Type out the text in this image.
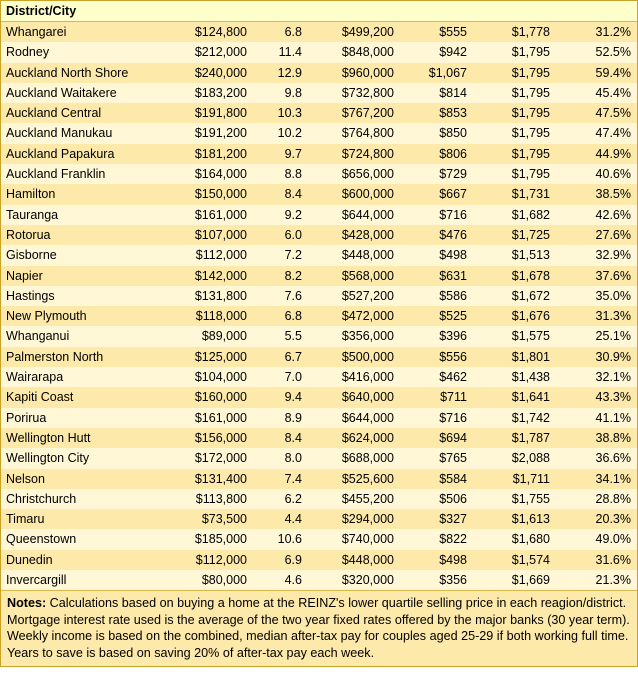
District/City						
Whangarei	$124,800	6.8	$499,200	$555	$1,778	31.2%
Rodney	$212,000	11.4	$848,000	$942	$1,795	52.5%
Auckland North Shore	$240,000	12.9	$960,000	$1,067	$1,795	59.4%
Auckland Waitakere	$183,200	9.8	$732,800	$814	$1,795	45.4%
Auckland Central	$191,800	10.3	$767,200	$853	$1,795	47.5%
Auckland Manukau	$191,200	10.2	$764,800	$850	$1,795	47.4%
Auckland Papakura	$181,200	9.7	$724,800	$806	$1,795	44.9%
Auckland Franklin	$164,000	8.8	$656,000	$729	$1,795	40.6%
Hamilton	$150,000	8.4	$600,000	$667	$1,731	38.5%
Tauranga	$161,000	9.2	$644,000	$716	$1,682	42.6%
Rotorua	$107,000	6.0	$428,000	$476	$1,725	27.6%
Gisborne	$112,000	7.2	$448,000	$498	$1,513	32.9%
Napier	$142,000	8.2	$568,000	$631	$1,678	37.6%
Hastings	$131,800	7.6	$527,200	$586	$1,672	35.0%
New Plymouth	$118,000	6.8	$472,000	$525	$1,676	31.3%
Whanganui	$89,000	5.5	$356,000	$396	$1,575	25.1%
Palmerston North	$125,000	6.7	$500,000	$556	$1,801	30.9%
Wairarapa	$104,000	7.0	$416,000	$462	$1,438	32.1%
Kapiti Coast	$160,000	9.4	$640,000	$711	$1,641	43.3%
Porirua	$161,000	8.9	$644,000	$716	$1,742	41.1%
Wellington Hutt	$156,000	8.4	$624,000	$694	$1,787	38.8%
Wellington City	$172,000	8.0	$688,000	$765	$2,088	36.6%
Nelson	$131,400	7.4	$525,600	$584	$1,711	34.1%
Christchurch	$113,800	6.2	$455,200	$506	$1,755	28.8%
Timaru	$73,500	4.4	$294,000	$327	$1,613	20.3%
Queenstown	$185,000	10.6	$740,000	$822	$1,680	49.0%
Dunedin	$112,000	6.9	$448,000	$498	$1,574	31.6%
Invercargill	$80,000	4.6	$320,000	$356	$1,669	21.3%
Notes: Calculations based on buying a home at the REINZ's lower quartile selling price in each reagion/district. Mortgage interest rate used is the average of the two year fixed rates offered by the major banks (30 year term). Weekly income is based on the combined, median after-tax pay for couples aged 25-29 if both working full time. Years to save is based on saving 20% of after-tax pay each week.
